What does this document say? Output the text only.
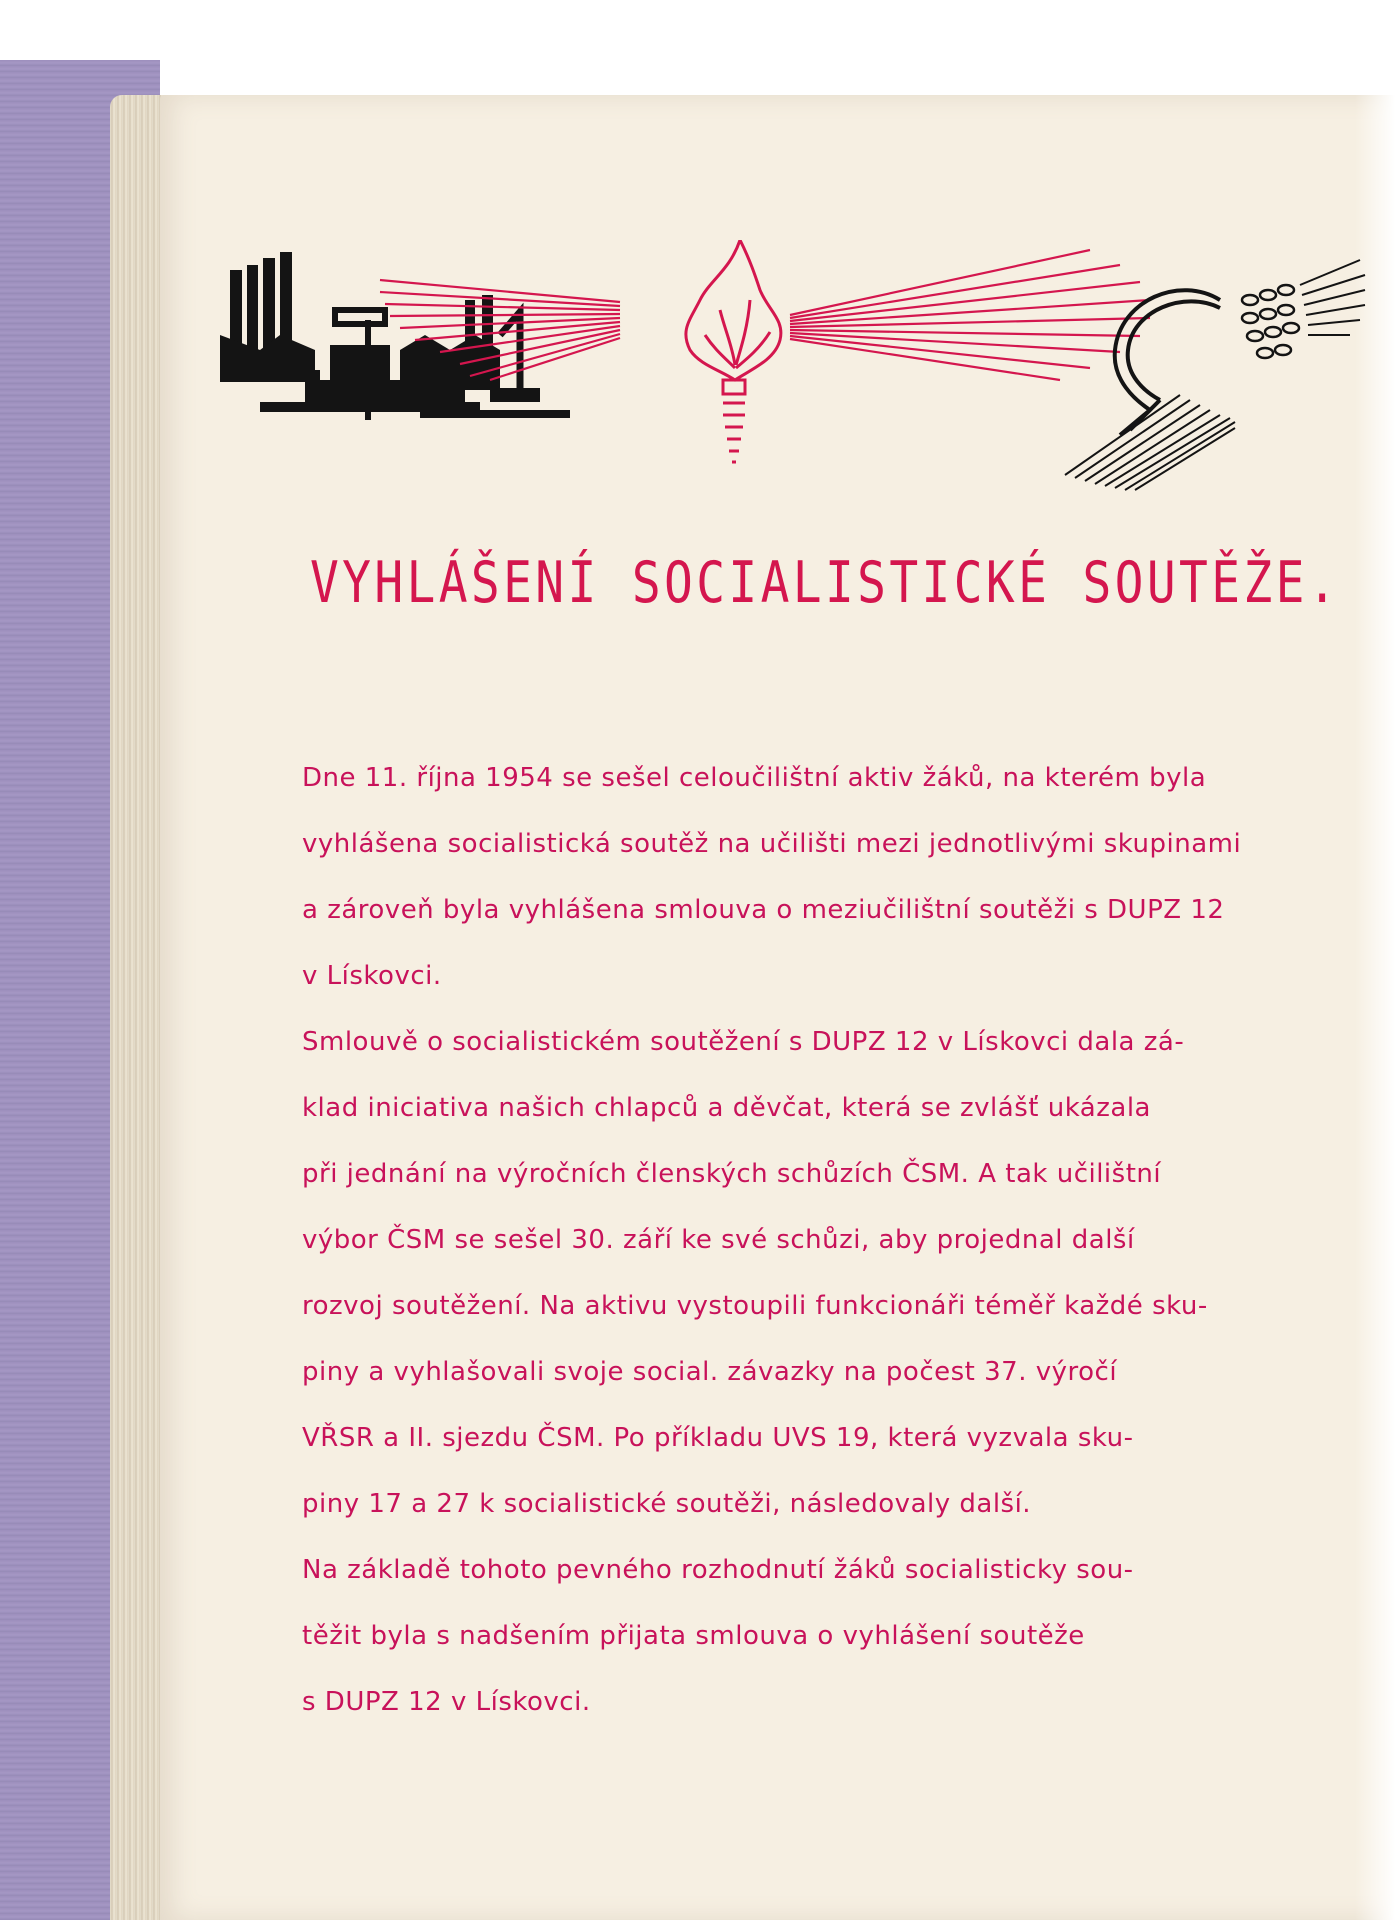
VYHLÁŠENÍ SOCIALISTICKÉ SOUTĚŽE.
Dne 11. října 1954 se sešel celoučilištní aktiv žáků, na kterém byla
vyhlášena socialistická soutěž na učilišti mezi jednotlivými skupinami
a zároveň byla vyhlášena smlouva o meziučilištní soutěži s DUPZ 12
v Lískovci.
Smlouvě o socialistickém soutěžení s DUPZ 12 v Lískovci dala zá-
klad iniciativa našich chlapců a děvčat, která se zvlášť ukázala
při jednání na výročních členských schůzích ČSM. A tak učilištní
výbor ČSM se sešel 30. září ke své schůzi, aby projednal další
rozvoj soutěžení. Na aktivu vystoupili funkcionáři téměř každé sku-
piny a vyhlašovali svoje social. závazky na počest 37. výročí
VŘSR a II. sjezdu ČSM. Po příkladu UVS 19, která vyzvala sku-
piny 17 a 27 k socialistické soutěži, následovaly další.
Na základě tohoto pevného rozhodnutí žáků socialisticky sou-
těžit byla s nadšením přijata smlouva o vyhlášení soutěže
s DUPZ 12 v Lískovci.
